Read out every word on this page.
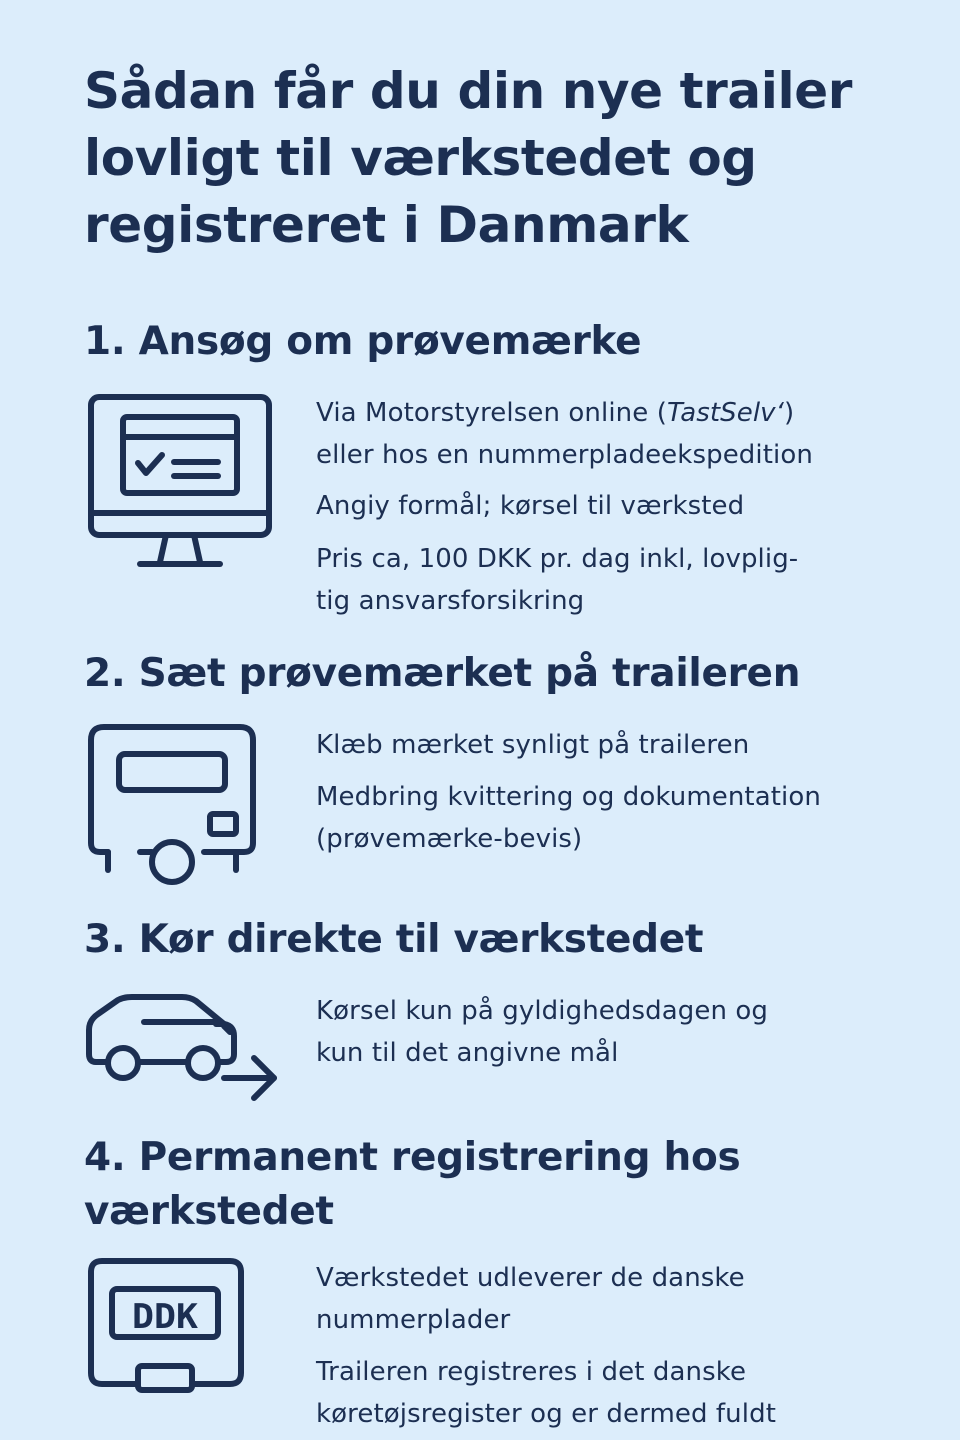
Sådan får du din nye trailer
lovligt til værkstedet og
registreret i Danmark
1. Ansøg om prøvemærke
Via Motorstyrelsen online (TastSelv‘)
eller hos en nummerpladeekspedition
Angiy formål; kørsel til værksted
Pris ca, 100 DKK pr. dag inkl, lovplig-
tig ansvarsforsikring
2. Sæt prøvemærket på traileren
Klæb mærket synligt på traileren
Medbring kvittering og dokumentation
(prøvemærke-bevis)
3. Kør direkte til værkstedet
Kørsel kun på gyldighedsdagen og
kun til det angivne mål
4. Permanent registrering hos
værkstedet
DDK
Værkstedet udleverer de danske
nummerplader
Traileren registreres i det danske
køretøjsregister og er dermed fuldt
